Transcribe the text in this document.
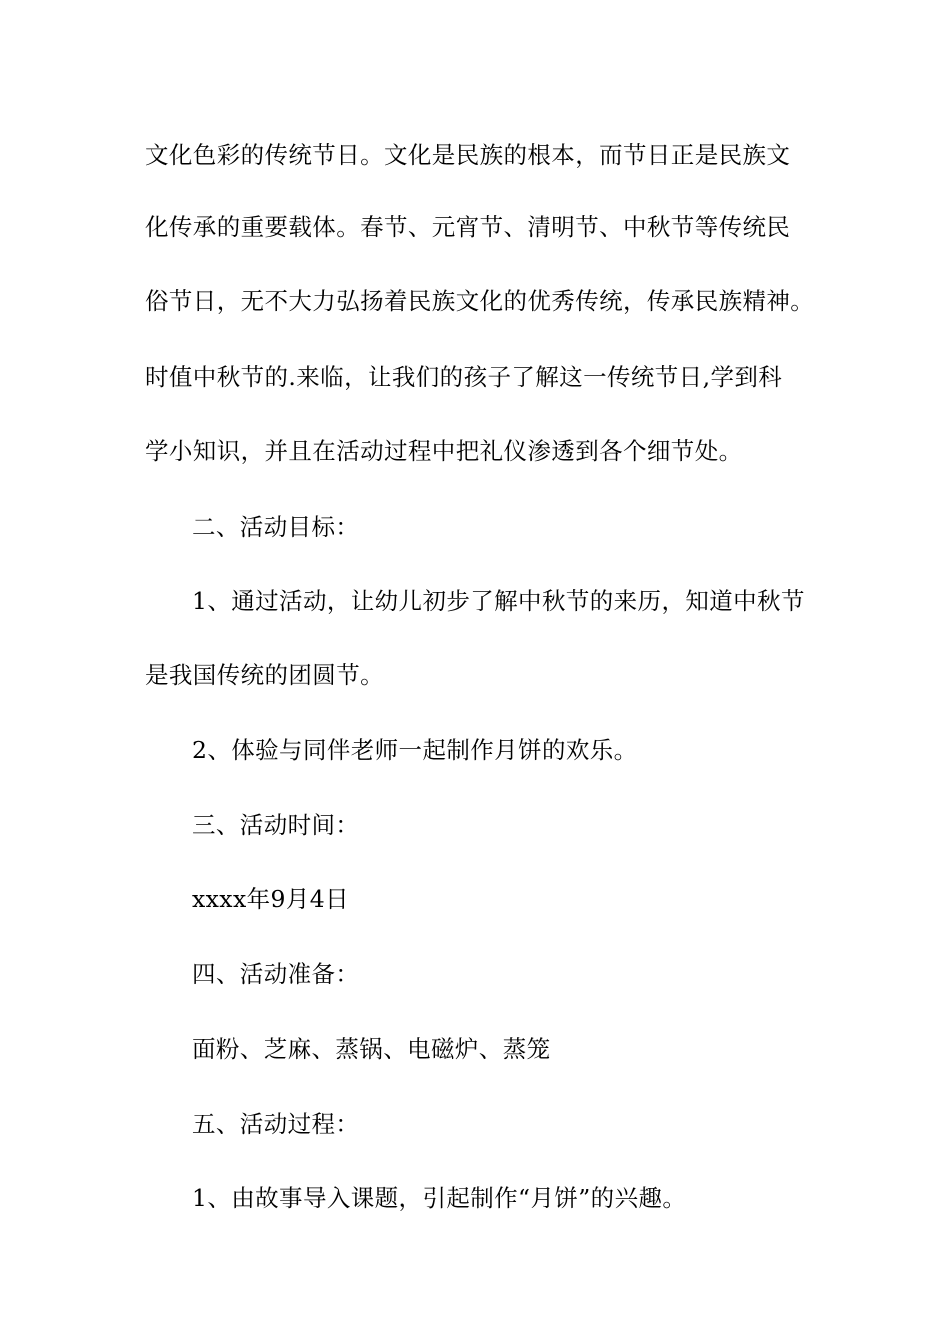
文化色彩的传统节日。文化是民族的根本，而节日正是民族文
化传承的重要载体。春节、元宵节、清明节、中秋节等传统民
俗节日，无不大力弘扬着民族文化的优秀传统，传承民族精神。
时值中秋节的.来临，让我们的孩子了解这一传统节日,学到科
学小知识，并且在活动过程中把礼仪渗透到各个细节处。
二、活动目标：
1、通过活动，让幼儿初步了解中秋节的来历，知道中秋节
是我国传统的团圆节。
2、体验与同伴老师一起制作月饼的欢乐。
三、活动时间：
xxxx年9月4日
四、活动准备：
面粉、芝麻、蒸锅、电磁炉、蒸笼
五、活动过程：
1、由故事导入课题，引起制作“月饼”的兴趣。
